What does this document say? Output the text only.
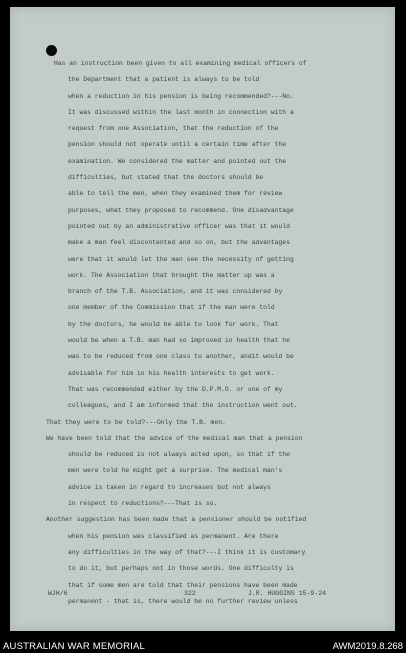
Has an instruction been given to all examining medical officers of
the Department that a patient is always to be told
when a reduction in his pension is being recommended?---No.
It was discussed within the last month in connection with a
request from one Association, that the reduction of the
pension should not operate until a certain time after the
examination. We considered the matter and pointed out the
difficulties, but stated that the doctors should be
able to tell the men, when they examined them for review
purposes, what they proposed to recommend. One disadvantage
pointed out by an administrative officer was that it would
make a man feel discontented and so on, but the advantages
were that it would let the man see the necessity of getting
work. The Association that brought the matter up was a
branch of the T.B. Association, and it was considered by
one member of the Commission that if the man were told
by the doctors, he would be able to look for work. That
would be when a T.B. man had so improved in health that he
was to be reduced from one class to another, andit would be
advisable for him in his health interests to get work.
That was recommended either by the D.P.M.O. or one of my
colleagues, and I am informed that the instruction went out.
That they were to be told?---Only the T.B. men.
We have been told that the advice of the medical man that a pension
should be reduced is not always acted upon, so that if the
men were told he might get a surprise. The medical man's
advice is taken in regard to increases but not always
in respect to reductions?---That is so.
Another suggestion has been made that a pensioner should be notified
when his pension was classified as permanent. Are there
any difficulties in the way of that?---I think it is customary
to do it, but perhaps not in those words. One difficulty is
that if some men are told that their pensions have been made
permanent - that is, there would be no further review unless
WJH/6	322	J.R. HUGGINS 15-9-24
AUSTRALIAN WAR MEMORIAL	AWM2019.8.268
